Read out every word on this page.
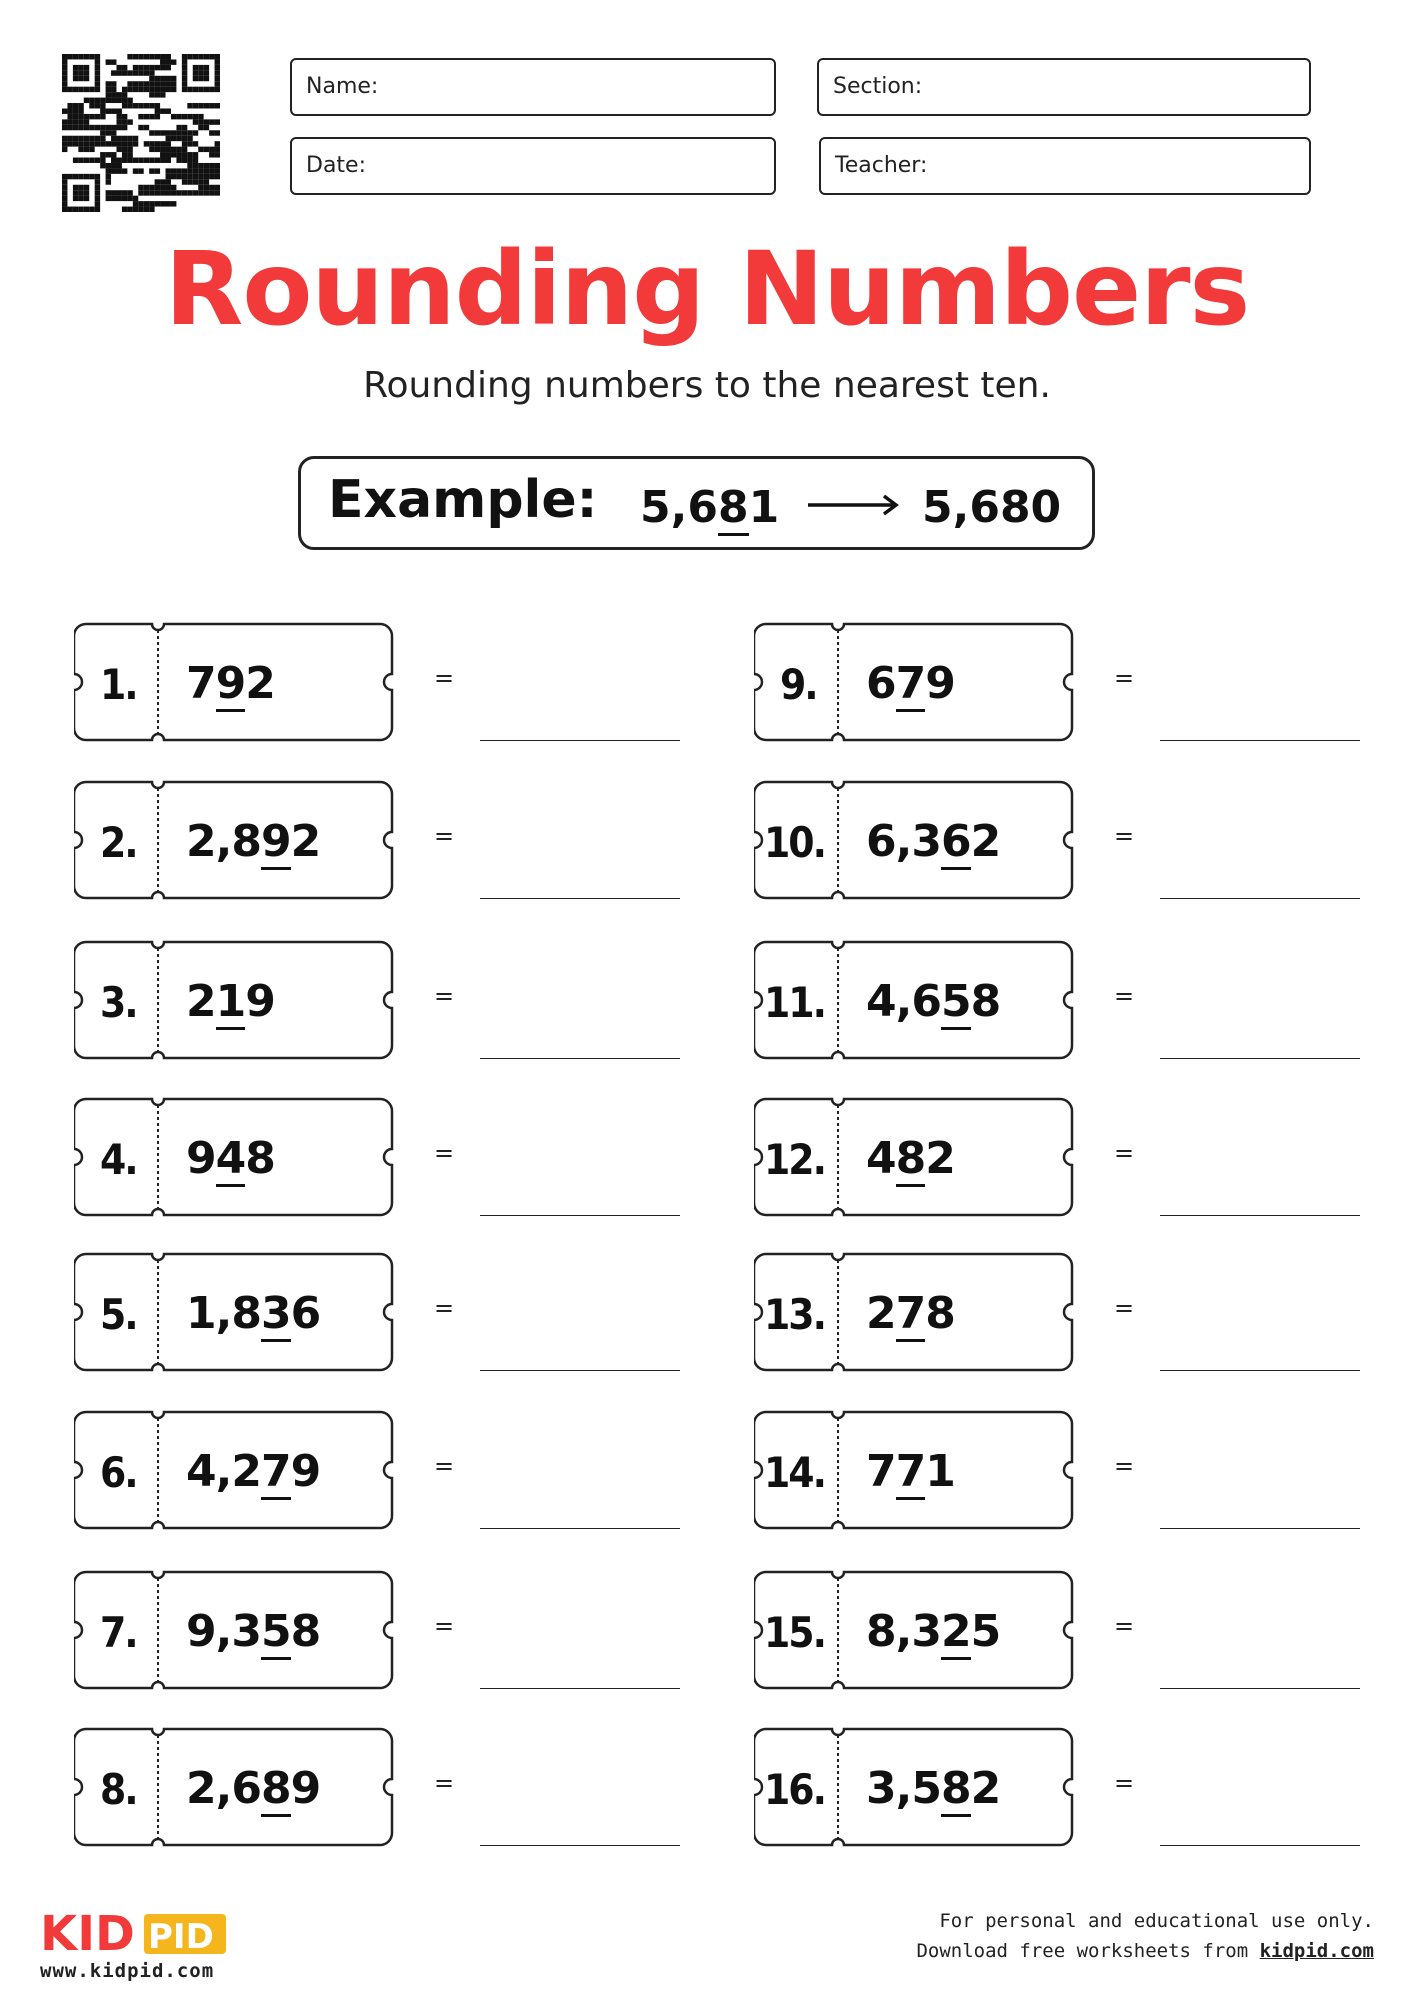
Name:	Section:
Date:	Teacher:
Rounding Numbers
Rounding numbers to the nearest ten.
Example: 5,681	5,680
1. 792	=
2. 2,892	=
3. 219	=
4. 948	=
5. 1,836	=
6. 4,279	=
7. 9,358	=
8. 2,689	=
9. 679	=
10. 6,362	=
11. 4,658	=
12. 482	=
13. 278	=
14. 771	=
15. 8,325	=
16. 3,582	=
KID PID
www.kidpid.com
For personal and educational use only.
Download free worksheets from kidpid.com
